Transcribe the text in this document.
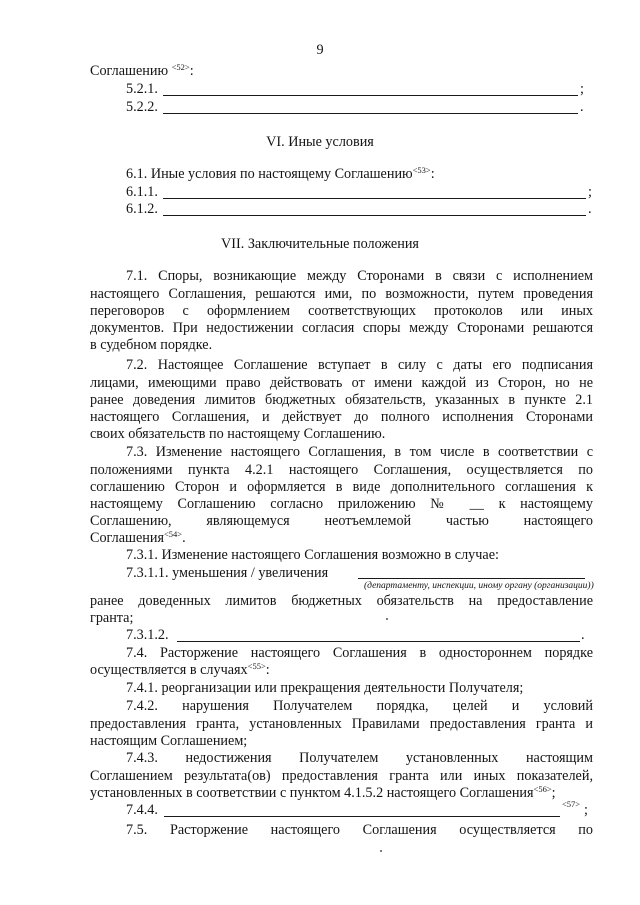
9
Соглашению $^{<52>}$:
5.2.1.	;
5.2.2.	.
VI. Иные условия
6.1. Иные условия по настоящему Соглашению$^{<53>}$:
6.1.1.	;
6.1.2.	.
VII. Заключительные положения
7.1. Споры, возникающие между Сторонами в связи с исполнением
настоящего Соглашения, решаются ими, по возможности, путем проведения
переговоров с оформлением соответствующих протоколов или иных
документов. При недостижении согласия споры между Сторонами решаются
в судебном порядке.
7.2. Настоящее Соглашение вступает в силу с даты его подписания
лицами, имеющими право действовать от имени каждой из Сторон, но не
ранее доведения лимитов бюджетных обязательств, указанных в пункте 2.1
настоящего Соглашения, и действует до полного исполнения Сторонами
своих обязательств по настоящему Соглашению.
7.3. Изменение настоящего Соглашения, в том числе в соответствии с
положениями пункта 4.2.1 настоящего Соглашения, осуществляется по
соглашению Сторон и оформляется в виде дополнительного соглашения к
настоящему Соглашению согласно приложению № __ к настоящему
Соглашению, являющемуся неотъемлемой частью настоящего
Соглашения$^{<54>}$.
7.3.1. Изменение настоящего Соглашения возможно в случае:
7.3.1.1. уменьшения / увеличения
(департаменту, инспекции, иному органу (организации))
ранее доведенных лимитов бюджетных обязательств на предоставление
гранта;
7.3.1.2.	.
7.4. Расторжение настоящего Соглашения в одностороннем порядке
осуществляется в случаях$^{<55>}$:
7.4.1. реорганизации или прекращения деятельности Получателя;
7.4.2. нарушения Получателем порядка, целей и условий
предоставления гранта, установленных Правилами предоставления гранта и
настоящим Соглашением;
7.4.3. недостижения Получателем установленных настоящим
Соглашением результата(ов) предоставления гранта или иных показателей,
установленных в соответствии с пунктом 4.1.5.2 настоящего Соглашения$^{<56>}$;
7.4.4.	$^{<57>}$ ;
7.5. Расторжение настоящего Соглашения осуществляется по
